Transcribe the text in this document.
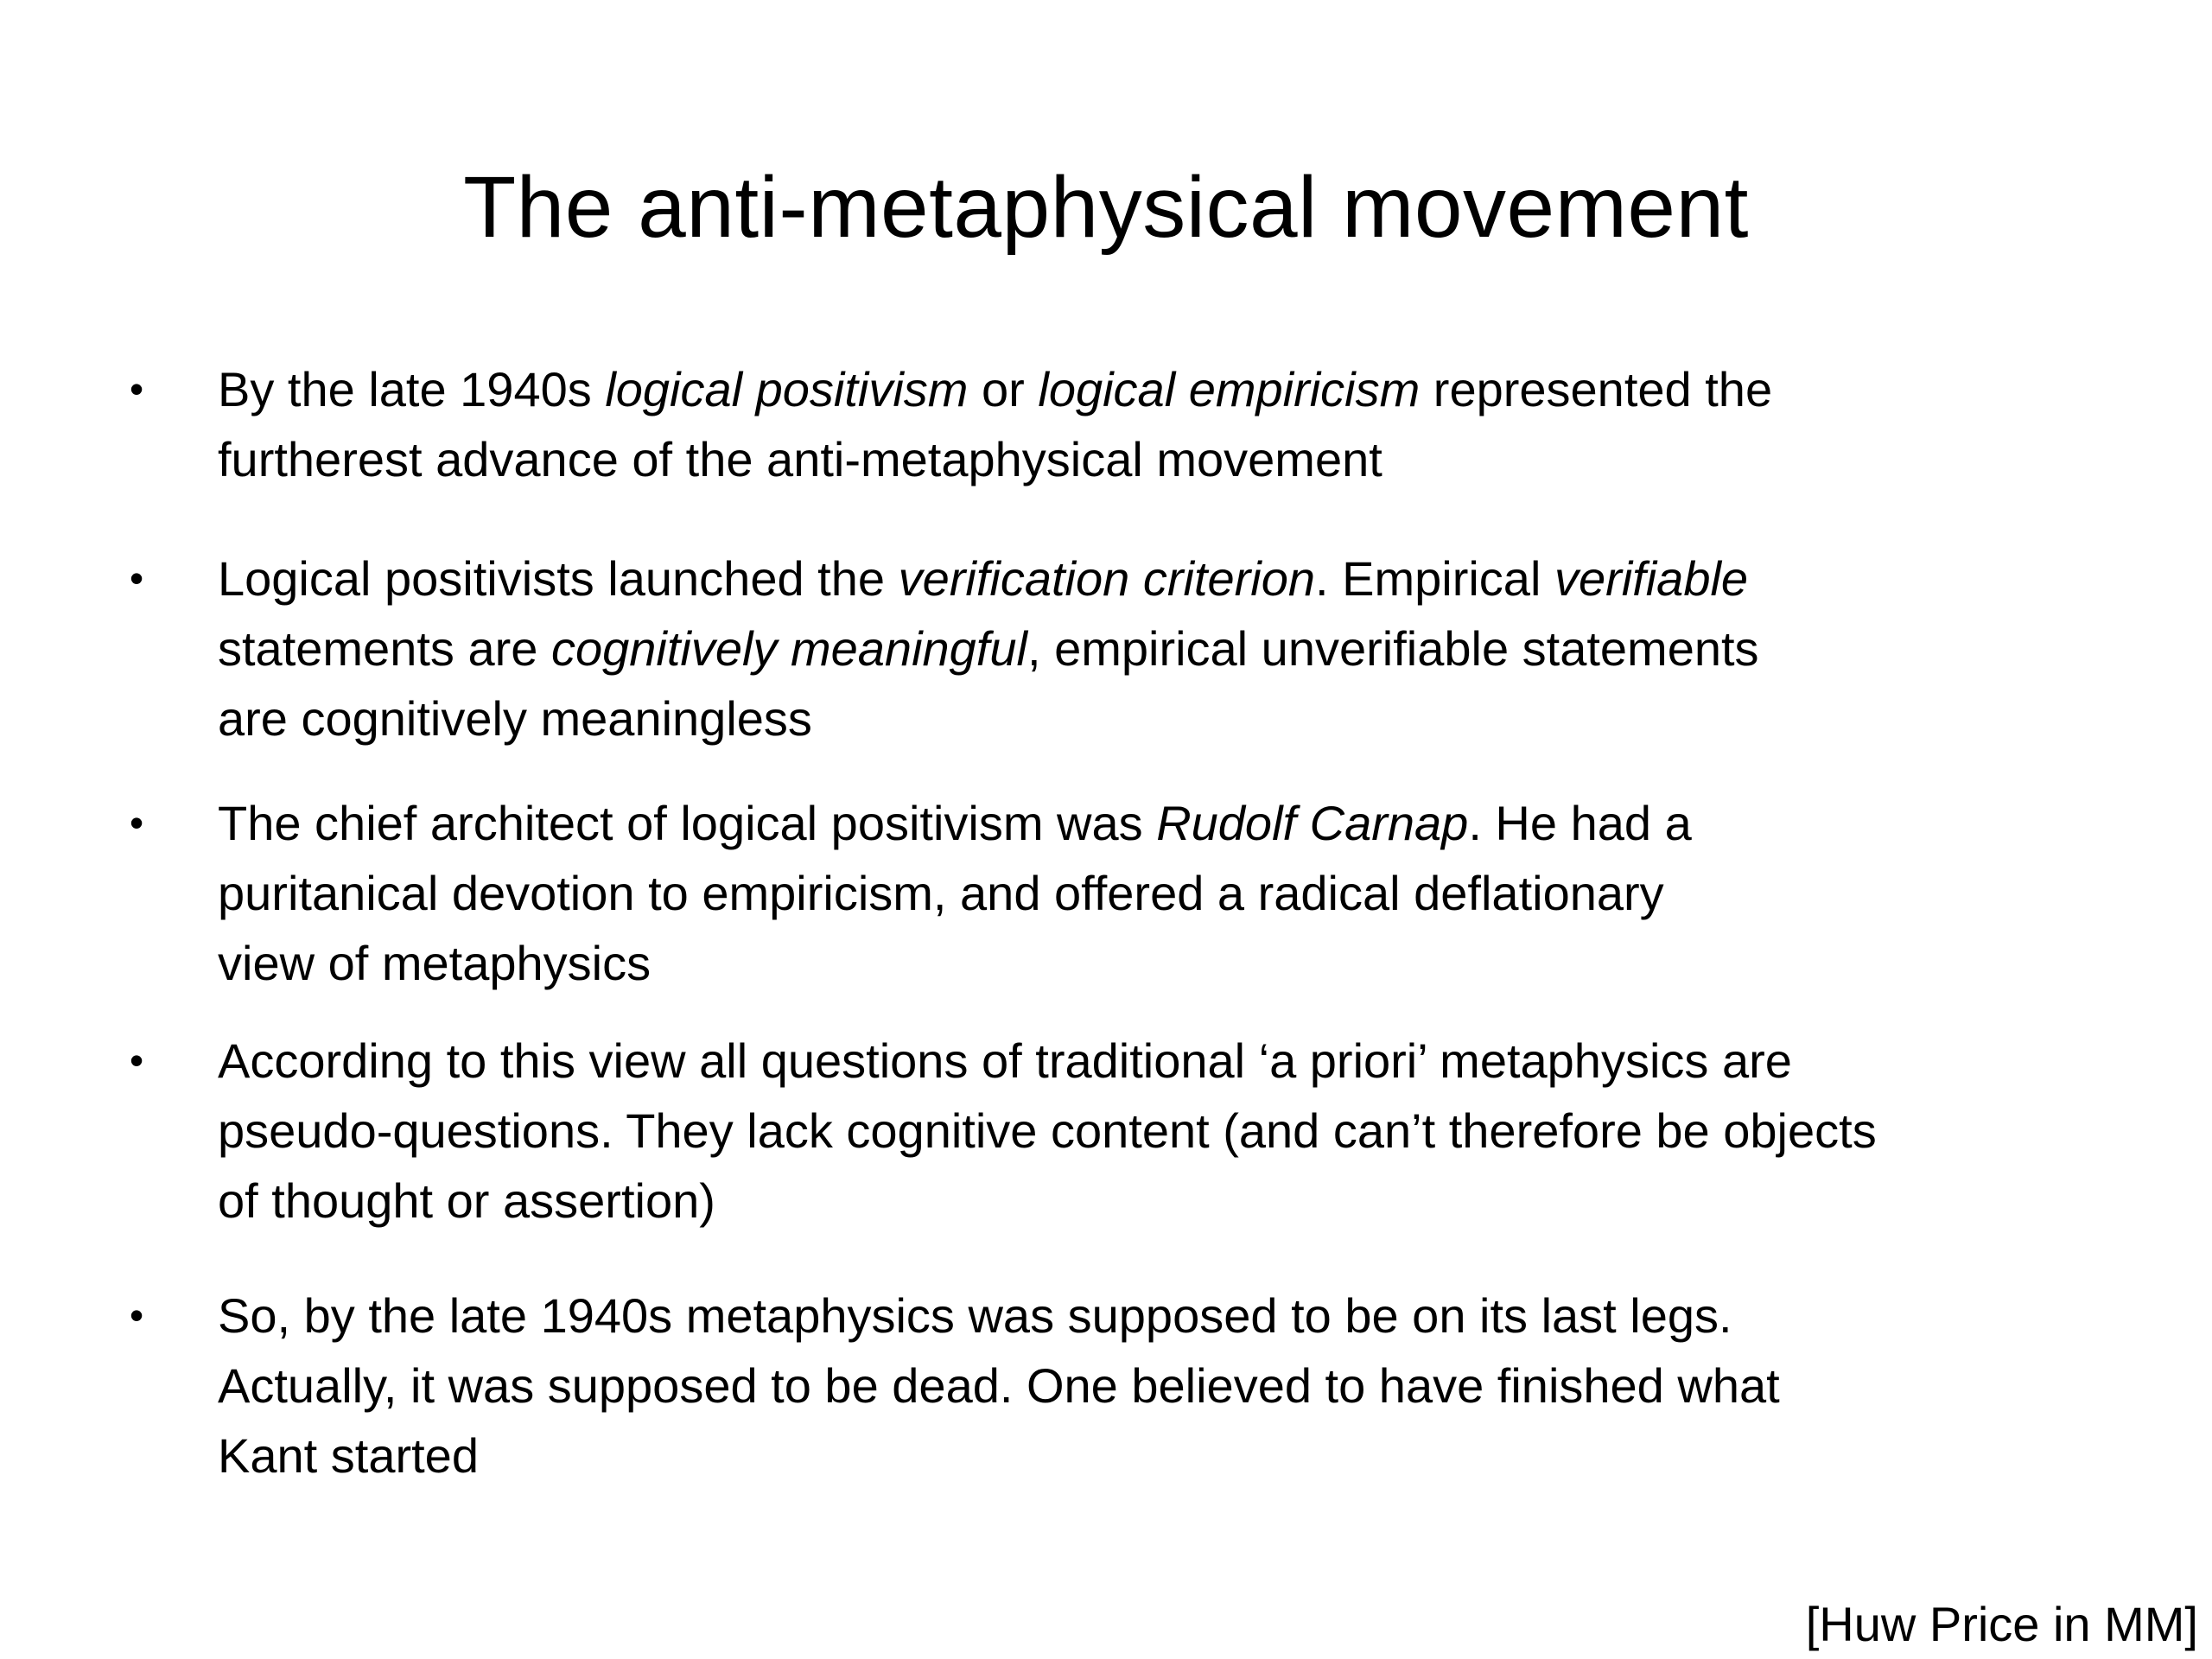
The anti-metaphysical movement
•	By the late 1940s logical positivism or logical empiricism represented the
furtherest advance of the anti-metaphysical movement
•	Logical positivists launched the verification criterion. Empirical verifiable
statements are cognitively meaningful, empirical unverifiable statements
are cognitively meaningless
•	The chief architect of logical positivism was Rudolf Carnap. He had a
puritanical devotion to empiricism, and offered a radical deflationary
view of metaphysics
•	According to this view all questions of traditional ‘a priori’ metaphysics are
pseudo-questions. They lack cognitive content (and can’t therefore be objects
of thought or assertion)
•	So, by the late 1940s metaphysics was supposed to be on its last legs.
Actually, it was supposed to be dead. One believed to have finished what
Kant started
[Huw Price in MM]
